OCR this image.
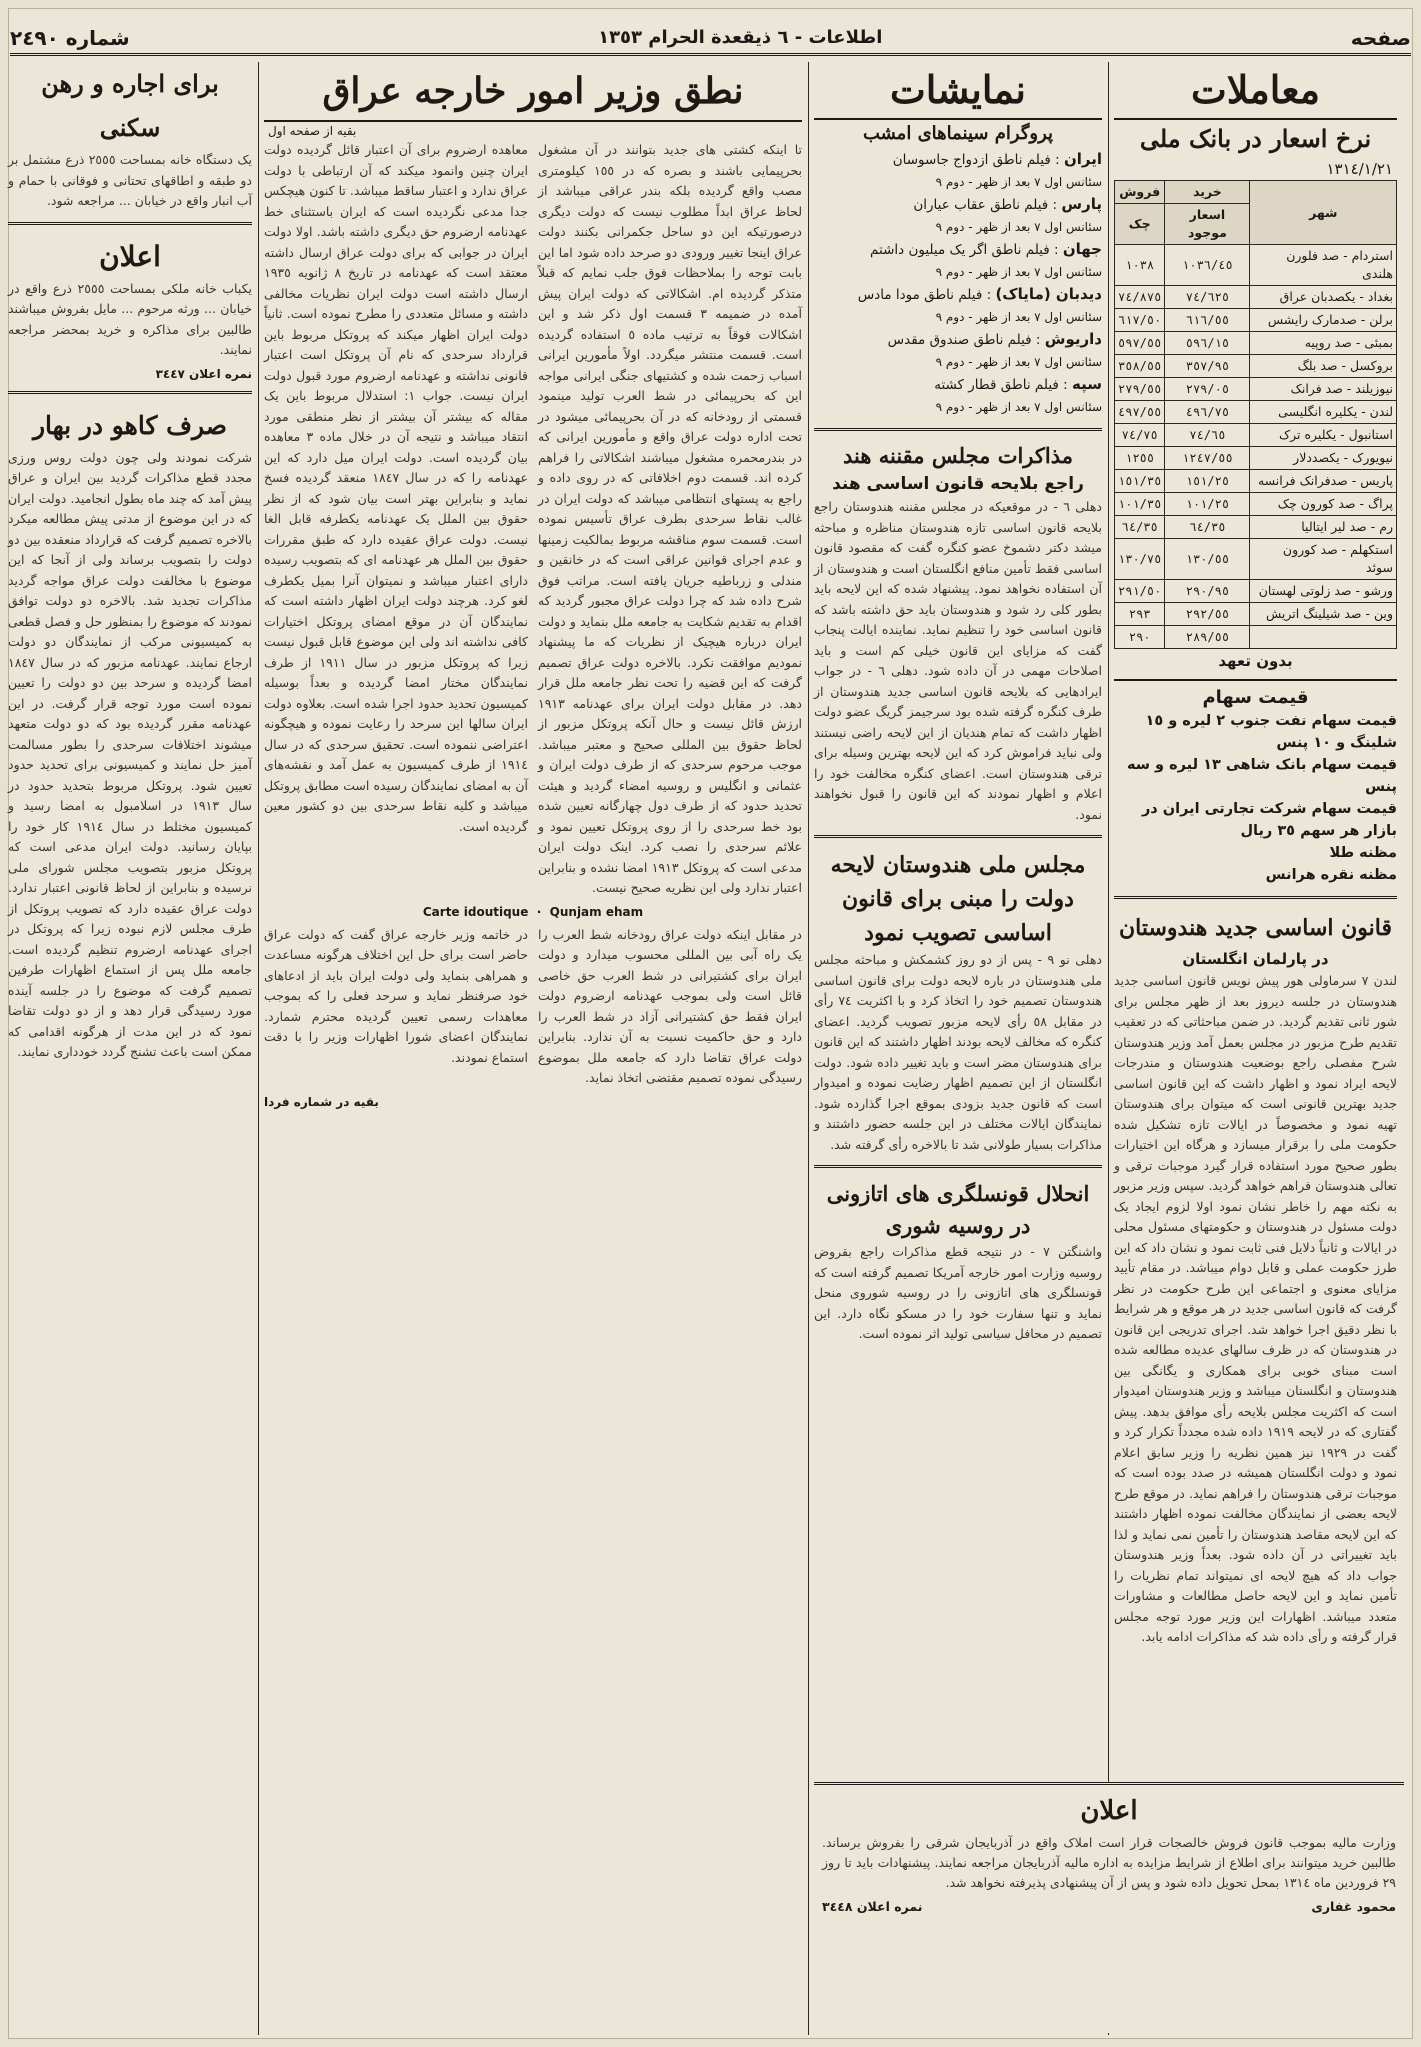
صفحه
اطلاعات - ٦ ذیقعدة الحرام ١٣٥٣
شماره ٢٤٩٠
معاملات
نرخ اسعار در بانک ملی
١٣١٤/١/٢١
شهر	خرید	فروش
	اسعار موجود	چک
استردام - صد فلورن هلندی	١٠٣٦/٤٥	١٠٣٨
بغداد - یکصدبان عراق	٧٤/٦٢٥	٧٤/٨٧٥
برلن - صدمارک رایشس	٦١٦/٥٥	٦١٧/٥٠
بمبئی - صد روپیه	٥٩٦/١٥	٥٩٧/٥٥
بروکسل - صد بلگ	٣٥٧/٩٥	٣٥٨/٥٥
نیوزیلند - صد فرانک	٢٧٩/٠٥	٢٧٩/٥٥
لندن - یکلیره انگلیسی	٤٩٦/٧٥	٤٩٧/٥٥
استانبول - یکلیره ترک	٧٤/٦٥	٧٤/٧٥
نیویورک - یکصددلار	١٢٤٧/٥٥	١٢٥٥
پاریس - صدفرانک فرانسه	١٥١/٢٥	١٥١/٣٥
پراگ - صد کورون چک	١٠١/٢٥	١٠١/٣٥
رم - صد لیر ایتالیا	٦٤/٣٥	٦٤/٣٥
استکهلم - صد کورون سوئد	١٣٠/٥٥	١٣٠/٧٥
ورشو - صد زلوتی لهستان	٢٩٠/٩٥	٢٩١/٥٠
وین - صد شیلینگ اتریش	٢٩٢/٥٥	٢٩٣
	٢٨٩/٥٥	٢٩٠
بدون تعهد
قیمت سهام
قیمت سهام نفت جنوب ٢ لیره و ١٥ شلینگ و ١٠ پنس
قیمت سهام بانک شاهی ١٣ لیره و سه پنس
قیمت سهام شرکت تجارتی ایران در بازار هر سهم ٣٥ ریال
مظنه طلا
مظنه نقره هرانس
قانون اساسی جدید هندوستان
در پارلمان انگلستان
لندن ٧ سرماولی هور پیش نویس قانون اساسی جدید هندوستان در جلسه دیروز بعد از ظهر مجلس برای شور ثانی تقدیم گردید. در ضمن مباحثاتی که در تعقیب تقدیم طرح مزبور در مجلس بعمل آمد وزیر هندوستان شرح مفصلی راجع بوضعیت هندوستان و مندرجات لایحه ایراد نمود و اظهار داشت که این قانون اساسی جدید بهترین قانونی است که میتوان برای هندوستان تهیه نمود و مخصوصاً در ایالات تازه تشکیل شده حکومت ملی را برقرار میسازد و هرگاه این اختیارات بطور صحیح مورد استفاده قرار گیرد موجبات ترقی و تعالی هندوستان فراهم خواهد گردید. سپس وزیر مزبور به نکته مهم را خاطر نشان نمود اولا لزوم ایجاد یک دولت مسئول در هندوستان و حکومتهای مسئول محلی در ایالات و ثانیاً دلایل فنی ثابت نمود و نشان داد که این طرز حکومت عملی و قابل دوام میباشد. در مقام تأیید مزایای معنوی و اجتماعی این طرح حکومت در نظر گرفت که قانون اساسی جدید در هر موقع و هر شرایط با نظر دقیق اجرا خواهد شد. اجرای تدریجی این قانون در هندوستان که در ظرف سالهای عدیده مطالعه شده است مبنای خوبی برای همکاری و یگانگی بین هندوستان و انگلستان میباشد و وزیر هندوستان امیدوار است که اکثریت مجلس بلایحه رأی موافق بدهد. پیش گفتاری که در لایحه ١٩١٩ داده شده مجدداً تکرار کرد و گفت در ١٩٢٩ نیز همین نظریه را وزیر سابق اعلام نمود و دولت انگلستان همیشه در صدد بوده است که موجبات ترقی هندوستان را فراهم نماید. در موقع طرح لایحه بعضی از نمایندگان مخالفت نموده اظهار داشتند که این لایحه مقاصد هندوستان را تأمین نمی نماید و لذا باید تغییراتی در آن داده شود. بعداً وزیر هندوستان جواب داد که هیچ لایحه ای نمیتواند تمام نظریات را تأمین نماید و این لایحه حاصل مطالعات و مشاورات متعدد میباشد. اظهارات این وزیر مورد توجه مجلس قرار گرفته و رأی داده شد که مذاکرات ادامه یابد.
نمایشات
پروگرام سینماهای امشب
ایران : فیلم ناطق ازدواج جاسوسان
سئانس اول ٧ بعد از ظهر - دوم ٩
پارس : فیلم ناطق عقاب عیاران
سئانس اول ٧ بعد از ظهر - دوم ٩
جهان : فیلم ناطق اگر یک میلیون داشتم
سئانس اول ٧ بعد از ظهر - دوم ٩
دیدبان (ماياک) : فیلم ناطق مودا مادس
سئانس اول ٧ بعد از ظهر - دوم ٩
داریوش : فیلم ناطق صندوق مقدس
سئانس اول ٧ بعد از ظهر - دوم ٩
سپه : فیلم ناطق قطار کشته
سئانس اول ٧ بعد از ظهر - دوم ٩
مذاکرات مجلس مقننه هند
راجع بلایحه قانون اساسی هند
دهلی ٦ - در موقعیکه در مجلس مقننه هندوستان راجع بلایحه قانون اساسی تازه هندوستان مناظره و مباحثه میشد دکتر دشموخ عضو کنگره گفت که مقصود قانون اساسی فقط تأمین منافع انگلستان است و هندوستان از آن استفاده نخواهد نمود. پیشنهاد شده که این لایحه باید بطور کلی رد شود و هندوستان باید حق داشته باشد که قانون اساسی خود را تنظیم نماید. نماینده ایالت پنجاب گفت که مزایای این قانون خیلی کم است و باید اصلاحات مهمی در آن داده شود. دهلی ٦ - در جواب ایرادهایی که بلایحه قانون اساسی جدید هندوستان از طرف کنگره گرفته شده بود سرجیمز گریگ عضو دولت اظهار داشت که تمام هندیان از این لایحه راضی نیستند ولی نباید فراموش کرد که این لایحه بهترین وسیله برای ترقی هندوستان است. اعضای کنگره مخالفت خود را اعلام و اظهار نمودند که این قانون را قبول نخواهند نمود.
مجلس ملی هندوستان لایحه دولت را مبنی برای قانون اساسی تصویب نمود
دهلی نو ٩ - پس از دو روز کشمکش و مباحثه مجلس ملی هندوستان در باره لایحه دولت برای قانون اساسی هندوستان تصمیم خود را اتخاذ کرد و با اکثریت ٧٤ رأی در مقابل ٥٨ رأی لایحه مزبور تصویب گردید. اعضای کنگره که مخالف لایحه بودند اظهار داشتند که این قانون برای هندوستان مضر است و باید تغییر داده شود. دولت انگلستان از این تصمیم اظهار رضایت نموده و امیدوار است که قانون جدید بزودی بموقع اجرا گذارده شود. نمایندگان ایالات مختلف در این جلسه حضور داشتند و مذاکرات بسیار طولانی شد تا بالاخره رأی گرفته شد.
انحلال قونسلگری های اتازونی در روسیه شوری
واشنگتن ٧ - در نتیجه قطع مذاکرات راجع بقروض روسیه وزارت امور خارجه آمریکا تصمیم گرفته است که قونسلگری های اتازونی را در روسیه شوروی منحل نماید و تنها سفارت خود را در مسکو نگاه دارد. این تصمیم در محافل سیاسی تولید اثر نموده است.
نطق وزیر امور خارجه عراق
بقیه از صفحه اول
تا اینکه کشتی های جدید بتوانند در آن مشغول بحرپیمایی باشند و بصره که در ١٥٥ کیلومتری مصب واقع گردیده بلکه بندر عراقی میباشد از لحاظ عراق ابداً مطلوب نیست که دولت دیگری درصورتیکه این دو ساحل جکمرانی بکنند دولت عراق اینجا تغییر ورودی دو صرحد داده شود اما این بابت توجه را بملاحظات فوق جلب نمایم که قبلاً متذکر گردیده ام. اشکالاتی که دولت ایران پیش آمده در ضمیمه ٣ قسمت اول ذکر شد و این اشکالات فوقاً به ترتیب ماده ٥ استفاده گردیده است. قسمت منتشر میگردد. اولاً مأمورین ایرانی اسباب زحمت شده و کشتیهای جنگی ایرانی مواجه این که بحرپیمائی در شط العرب تولید مینمود قسمتی از رودخانه که در آن بحرپیمائی میشود در تحت اداره دولت عراق واقع و مأمورین ایرانی که در بندرمحمره مشغول میباشند اشکالاتی را فراهم کرده اند. قسمت دوم اخلافاتی که در روی داده و راجع به پستهای انتظامی میباشد که دولت ایران در غالب نقاط سرحدی بطرف عراق تأسیس نموده است. قسمت سوم مناقشه مربوط بمالکیت زمینها و عدم اجرای قوانین عراقی است که در خانقین و مندلی و زرباطیه جریان یافته است. مراتب فوق شرح داده شد که چرا دولت عراق مجبور گردید که اقدام به تقدیم شکایت به جامعه ملل بنماید و دولت ایران درباره هیچیک از نظریات که ما پیشنهاد نمودیم موافقت نکرد. بالاخره دولت عراق تصمیم گرفت که این قضیه را تحت نظر جامعه ملل قرار دهد. در مقابل دولت ایران برای عهدنامه ١٩١٣ ارزش قائل نیست و حال آنکه پروتکل مزبور از لحاظ حقوق بین المللی صحیح و معتبر میباشد. موجب مرحوم سرحدی که از طرف دولت ایران و عثمانی و انگلیس و روسیه امضاء گردید و هیئت تحدید حدود که از طرف دول چهارگانه تعیین شده بود خط سرحدی را از روی پروتکل تعیین نمود و علائم سرحدی را نصب کرد. اینک دولت ایران مدعی است که پروتکل ١٩١٣ امضا نشده و بنابراین اعتبار ندارد ولی این نظریه صحیح نیست.
معاهده ارضروم برای آن اعتبار قائل گردیده دولت ایران چنین وانمود میکند که آن ارتباطی با دولت عراق ندارد و اعتبار ساقط میباشد. تا کنون هیچکس جدا مدعی نگردیده است که ایران باستثنای خط عهدنامه ارضروم حق دیگری داشته باشد. اولا دولت ایران در جوابی که برای دولت عراق ارسال داشته معتقد است که عهدنامه در تاریخ ٨ ژانویه ١٩٣٥ ارسال داشته است دولت ایران نظریات مخالفی داشته و مسائل متعددی را مطرح نموده است. ثانیاً دولت ایران اظهار میکند که پروتکل مربوط باین قرارداد سرحدی که نام آن پروتکل است اعتبار قانونی نداشته و عهدنامه ارضروم مورد قبول دولت ایران نیست. جواب ١: استدلال مربوط باین یک مقاله که بیشتر آن بیشتر از نظر منطقی مورد انتقاد میباشد و نتیجه آن در خلال ماده ٣ معاهده بیان گردیده است. دولت ایران میل دارد که این عهدنامه را که در سال ١٨٤٧ منعقد گردیده فسخ نماید و بنابراین بهتر است بیان شود که از نظر حقوق بین الملل یک عهدنامه یکطرفه قابل الغا نیست. دولت عراق عقیده دارد که طبق مقررات حقوق بین الملل هر عهدنامه ای که بتصویب رسیده دارای اعتبار میباشد و نمیتوان آنرا بمیل یکطرف لغو کرد. هرچند دولت ایران اظهار داشته است که نمایندگان آن در موقع امضای پروتکل اختیارات کافی نداشته اند ولی این موضوع قابل قبول نیست زیرا که پروتکل مزبور در سال ١٩١١ از طرف نمایندگان مختار امضا گردیده و بعداً بوسیله کمیسیون تحدید حدود اجرا شده است. بعلاوه دولت ایران سالها این سرحد را رعایت نموده و هیچگونه اعتراضی ننموده است. تحقیق سرحدی که در سال ١٩١٤ از طرف کمیسیون به عمل آمد و نقشه‌های آن به امضای نمایندگان رسیده است مطابق پروتکل میباشد و کلیه نقاط سرحدی بین دو کشور معین گردیده است.
Carte idoutique  ·  Qunjam eham
در مقابل اینکه دولت عراق رودخانه شط العرب را یک راه آبی بین المللی محسوب میدارد و دولت ایران برای کشتیرانی در شط العرب حق خاصی قائل است ولی بموجب عهدنامه ارضروم دولت ایران فقط حق کشتیرانی آزاد در شط العرب را دارد و حق حاکمیت نسبت به آن ندارد. بنابراین دولت عراق تقاضا دارد که جامعه ملل بموضوع رسیدگی نموده تصمیم مقتضی اتخاذ نماید.
در خاتمه وزیر خارجه عراق گفت که دولت عراق حاضر است برای حل این اختلاف هرگونه مساعدت و همراهی بنماید ولی دولت ایران باید از ادعاهای خود صرفنظر نماید و سرحد فعلی را که بموجب معاهدات رسمی تعیین گردیده محترم شمارد. نمایندگان اعضای شورا اظهارات وزیر را با دقت استماع نمودند.
بقیه در شماره فردا
برای اجاره و رهن سکنی
یک دستگاه خانه بمساحت ٢٥٥٥ ذرع مشتمل بر دو طبقه و اطاقهای تحتانی و فوقانی با حمام و آب انبار واقع در خیابان ... مراجعه شود.
اعلان
یکباب خانه ملکی بمساحت ٢٥٥٥ ذرع واقع در خیابان ... ورثه مرحوم ... مایل بفروش میباشند طالبین برای مذاکره و خرید بمحضر مراجعه نمایند.
نمره اعلان ٣٤٤٧
صرف کاهو در بهار
شرکت نمودند ولی چون دولت روس ورزی مجدد قطع مذاکرات گردید بین ایران و عراق پیش آمد که چند ماه بطول انجامید. دولت ایران که در این موضوع از مدتی پیش مطالعه میکرد بالاخره تصمیم گرفت که قرارداد منعقده بین دو دولت را بتصویب برساند ولی از آنجا که این موضوع با مخالفت دولت عراق مواجه گردید مذاکرات تجدید شد. بالاخره دو دولت توافق نمودند که موضوع را بمنظور حل و فصل قطعی به کمیسیونی مرکب از نمایندگان دو دولت ارجاع نمایند. عهدنامه مزبور که در سال ١٨٤٧ امضا گردیده و سرحد بین دو دولت را تعیین نموده است مورد توجه قرار گرفت. در این عهدنامه مقرر گردیده بود که دو دولت متعهد میشوند اختلافات سرحدی را بطور مسالمت آمیز حل نمایند و کمیسیونی برای تحدید حدود تعیین شود. پروتکل مربوط بتحدید حدود در سال ١٩١٣ در اسلامبول به امضا رسید و کمیسیون مختلط در سال ١٩١٤ کار خود را بپایان رسانید. دولت ایران مدعی است که پروتکل مزبور بتصویب مجلس شورای ملی نرسیده و بنابراین از لحاظ قانونی اعتبار ندارد. دولت عراق عقیده دارد که تصویب پروتکل از طرف مجلس لازم نبوده زیرا که پروتکل در اجرای عهدنامه ارضروم تنظیم گردیده است. جامعه ملل پس از استماع اظهارات طرفین تصمیم گرفت که موضوع را در جلسه آینده مورد رسیدگی قرار دهد و از دو دولت تقاضا نمود که در این مدت از هرگونه اقدامی که ممکن است باعث تشنج گردد خودداری نمایند.
اعلان
وزارت مالیه بموجب قانون فروش خالصجات قرار است املاک واقع در آذربایجان شرقی را بفروش برساند. طالبین خرید میتوانند برای اطلاع از شرایط مزایده به اداره مالیه آذربایجان مراجعه نمایند. پیشنهادات باید تا روز ٢٩ فروردین ماه ١٣١٤ بمحل تحویل داده شود و پس از آن پیشنهادی پذیرفته نخواهد شد.
محمود غفاری
نمره اعلان ٣٤٤٨
